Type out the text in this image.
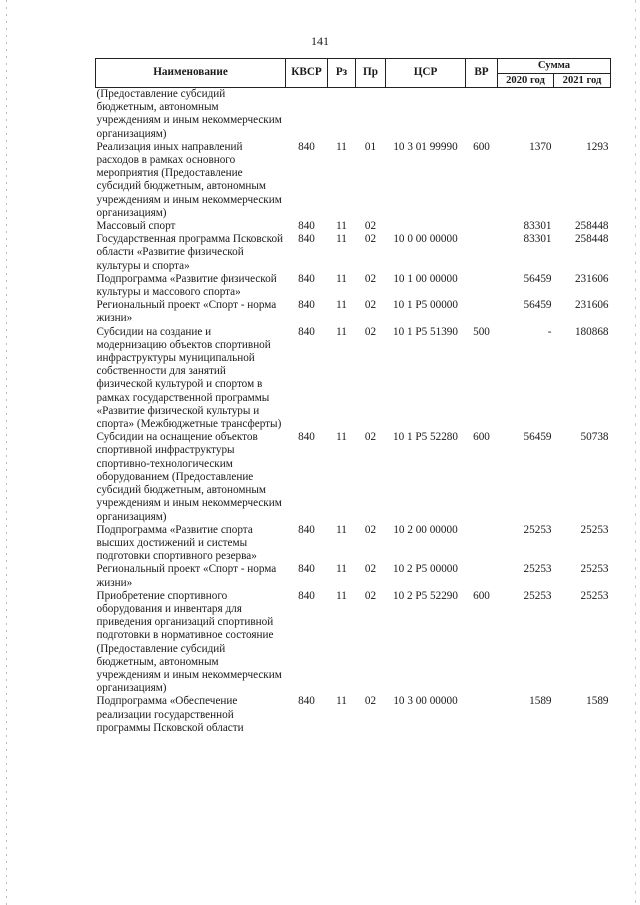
141
Наименование	КВСР	Рз	Пр	ЦСР	ВР	Сумма	
						2020 год	2021 год
(Предоставление субсидий бюджетным, автономным учреждениям и иным некоммерческим организациям)							
Реализация иных направлений расходов в рамках основного мероприятия (Предоставление субсидий бюджетным, автономным учреждениям и иным некоммерческим организациям)	840	11	01	10 3 01 99990	600	1370	1293
Массовый спорт	840	11	02			83301	258448
Государственная программа Псковской области «Развитие физической культуры и спорта»	840	11	02	10 0 00 00000		83301	258448
Подпрограмма «Развитие физической культуры и массового спорта»	840	11	02	10 1 00 00000		56459	231606
Региональный проект «Спорт - норма жизни»	840	11	02	10 1 P5 00000		56459	231606
Субсидии на создание и модернизацию объектов спортивной инфраструктуры муниципальной собственности для занятий физической культурой и спортом в рамках государственной программы «Развитие физической культуры и спорта» (Межбюджетные трансферты)	840	11	02	10 1 P5 51390	500	-	180868
Субсидии на оснащение объектов спортивной инфраструктуры спортивно-технологическим оборудованием (Предоставление субсидий бюджетным, автономным учреждениям и иным некоммерческим организациям)	840	11	02	10 1 P5 52280	600	56459	50738
Подпрограмма «Развитие спорта высших достижений и системы подготовки спортивного резерва»	840	11	02	10 2 00 00000		25253	25253
Региональный проект «Спорт - норма жизни»	840	11	02	10 2 P5 00000		25253	25253
Приобретение спортивного оборудования и инвентаря для приведения организаций спортивной подготовки в нормативное состояние (Предоставление субсидий бюджетным, автономным учреждениям и иным некоммерческим организациям)	840	11	02	10 2 P5 52290	600	25253	25253
Подпрограмма «Обеспечение реализации государственной программы Псковской области	840	11	02	10 3 00 00000		1589	1589
